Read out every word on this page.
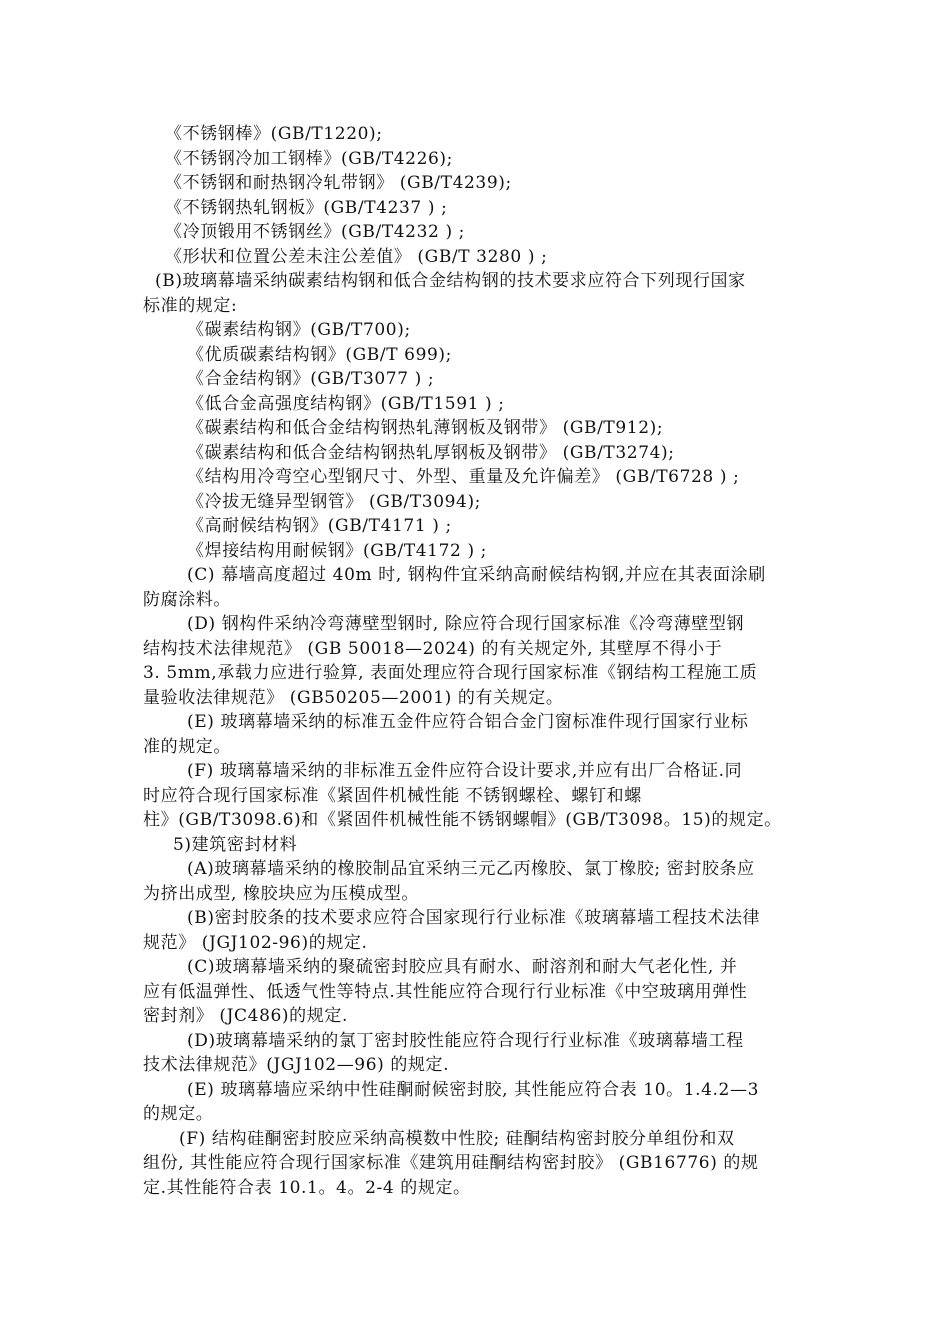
《不锈钢棒》(GB/T1220);
《不锈钢冷加工钢棒》(GB/T4226);
《不锈钢和耐热钢冷轧带钢》 (GB/T4239);
《不锈钢热轧钢板》(GB/T4237 ) ;
《冷顶锻用不锈钢丝》(GB/T4232 ) ;
《形状和位置公差未注公差值》 (GB/T 3280 ) ;
(B)玻璃幕墙采纳碳素结构钢和低合金结构钢的技术要求应符合下列现行国家
标准的规定:
《碳素结构钢》(GB/T700);
《优质碳素结构钢》(GB/T 699);
《合金结构钢》(GB/T3077 ) ;
《低合金高强度结构钢》(GB/T1591 ) ;
《碳素结构和低合金结构钢热轧薄钢板及钢带》 (GB/T912);
《碳素结构和低合金结构钢热轧厚钢板及钢带》 (GB/T3274);
《结构用冷弯空心型钢尺寸、外型、重量及允许偏差》 (GB/T6728 ) ;
《冷拔无缝异型钢管》 (GB/T3094);
《高耐候结构钢》(GB/T4171 ) ;
《焊接结构用耐候钢》(GB/T4172 ) ;
(C) 幕墙高度超过 40m 时, 钢构件宜采纳高耐候结构钢,并应在其表面涂刷
防腐涂料。
(D) 钢构件采纳冷弯薄壁型钢时, 除应符合现行国家标准《冷弯薄壁型钢
结构技术法律规范》 (GB 50018—2024) 的有关规定外, 其壁厚不得小于
3. 5mm,承载力应进行验算, 表面处理应符合现行国家标准《钢结构工程施工质
量验收法律规范》 (GB50205—2001) 的有关规定。
(E) 玻璃幕墙采纳的标准五金件应符合铝合金门窗标准件现行国家行业标
准的规定。
(F) 玻璃幕墙采纳的非标准五金件应符合设计要求,并应有出厂合格证.同
时应符合现行国家标准《紧固件机械性能 不锈钢螺栓、螺钉和螺
柱》(GB/T3098.6)和《紧固件机械性能不锈钢螺帽》(GB/T3098。15)的规定。
5)建筑密封材料
(A)玻璃幕墙采纳的橡胶制品宜采纳三元乙丙橡胶、氯丁橡胶; 密封胶条应
为挤出成型, 橡胶块应为压模成型。
(B)密封胶条的技术要求应符合国家现行行业标准《玻璃幕墙工程技术法律
规范》 (JGJ102-96)的规定.
(C)玻璃幕墙采纳的聚硫密封胶应具有耐水、耐溶剂和耐大气老化性, 并
应有低温弹性、低透气性等特点.其性能应符合现行行业标准《中空玻璃用弹性
密封剂》 (JC486)的规定.
(D)玻璃幕墙采纳的氯丁密封胶性能应符合现行行业标准《玻璃幕墙工程
技术法律规范》(JGJ102—96) 的规定.
(E) 玻璃幕墙应采纳中性硅酮耐候密封胶, 其性能应符合表 10。1.4.2—3
的规定。
(F) 结构硅酮密封胶应采纳高模数中性胶; 硅酮结构密封胶分单组份和双
组份, 其性能应符合现行国家标准《建筑用硅酮结构密封胶》 (GB16776) 的规
定.其性能符合表 10.1。4。2-4 的规定。
